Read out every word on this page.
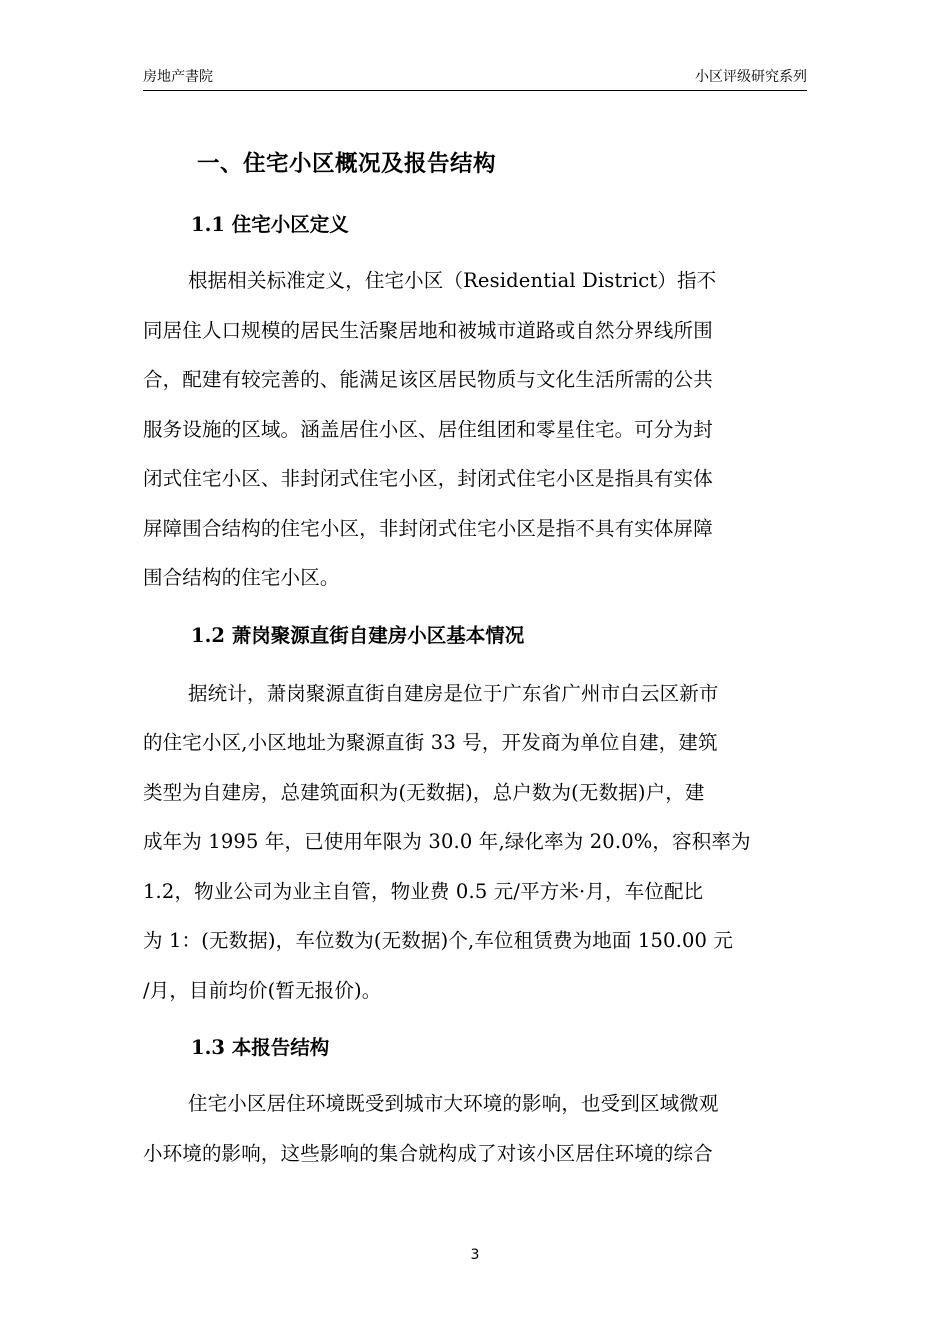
房地产書院	小区评级研究系列
一、住宅小区概况及报告结构
1.1 住宅小区定义
根据相关标准定义，住宅小区（Residential District）指不
同居住人口规模的居民生活聚居地和被城市道路或自然分界线所围
合，配建有较完善的、能满足该区居民物质与文化生活所需的公共
服务设施的区域。涵盖居住小区、居住组团和零星住宅。可分为封
闭式住宅小区、非封闭式住宅小区，封闭式住宅小区是指具有实体
屏障围合结构的住宅小区，非封闭式住宅小区是指不具有实体屏障
围合结构的住宅小区。
1.2 萧岗聚源直街自建房小区基本情况
据统计，萧岗聚源直街自建房是位于广东省广州市白云区新市
的住宅小区,小区地址为聚源直街 33 号，开发商为单位自建，建筑
类型为自建房，总建筑面积为(无数据)，总户数为(无数据)户，建
成年为 1995 年，已使用年限为 30.0 年,绿化率为 20.0%，容积率为
1.2，物业公司为业主自管，物业费 0.5 元/平方米·月，车位配比
为 1：(无数据)，车位数为(无数据)个,车位租赁费为地面 150.00 元
/月，目前均价(暂无报价)。
1.3 本报告结构
住宅小区居住环境既受到城市大环境的影响，也受到区域微观
小环境的影响，这些影响的集合就构成了对该小区居住环境的综合
3
